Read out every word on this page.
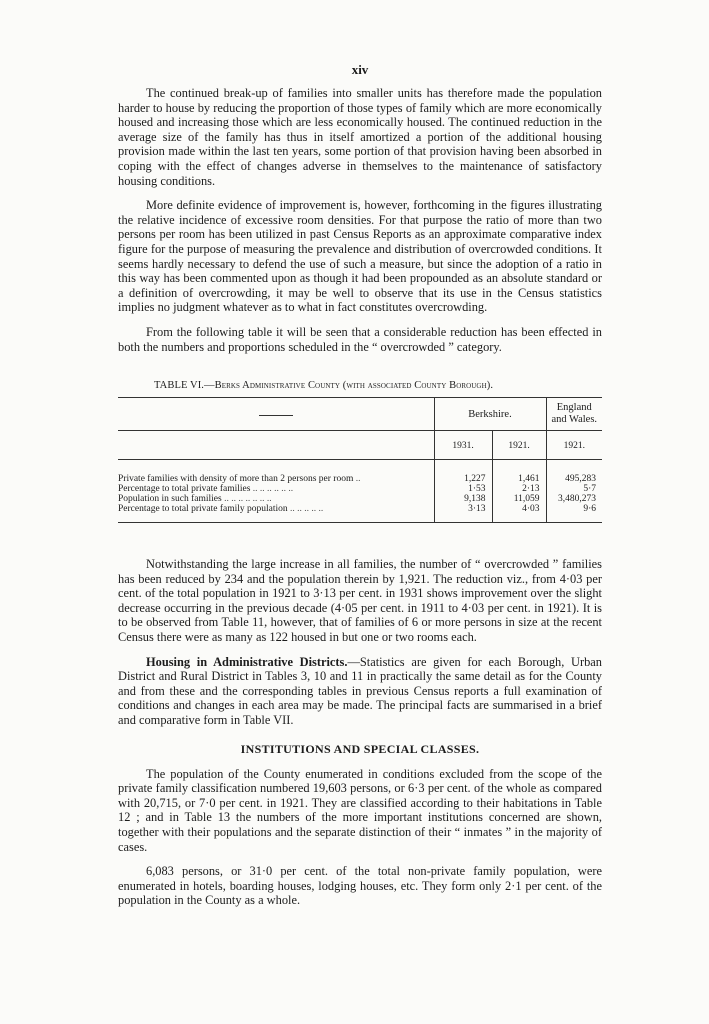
xiv

The continued break-up of families into smaller units has therefore made the population harder to house by reducing the proportion of those types of family which are more economically housed and increasing those which are less economically housed. The continued reduction in the average size of the family has thus in itself amortized a portion of the additional housing provision made within the last ten years, some portion of that provision having been absorbed in coping with the effect of changes adverse in themselves to the maintenance of satisfactory housing conditions.

More definite evidence of improvement is, however, forthcoming in the figures illustrating the relative incidence of excessive room densities. For that purpose the ratio of more than two persons per room has been utilized in past Census Reports as an approximate comparative index figure for the purpose of measuring the prevalence and distribution of overcrowded conditions. It seems hardly necessary to defend the use of such a measure, but since the adoption of a ratio in this way has been commented upon as though it had been propounded as an absolute standard or a definition of overcrowding, it may be well to observe that its use in the Census statistics implies no judgment whatever as to what in fact constitutes overcrowding.

From the following table it will be seen that a considerable reduction has been effected in both the numbers and proportions scheduled in the “ overcrowded ” category.

TABLE VI.—Berks Administrative County (with associated County Borough).
	Berkshire.		England and Wales.
	1931.	1921.	1921.
Private families with density of more than 2 persons per room ..	1,227	1,461	495,283
Percentage to total private families .. .. .. .. .. ..	1·53	2·13	5·7
Population in such families .. .. .. .. .. .. ..	9,138	11,059	3,480,273
Percentage to total private family population .. .. .. .. ..	3·13	4·03	9·6

Notwithstanding the large increase in all families, the number of “ overcrowded ” families has been reduced by 234 and the population therein by 1,921. The reduction viz., from 4·03 per cent. of the total population in 1921 to 3·13 per cent. in 1931 shows improvement over the slight decrease occurring in the previous decade (4·05 per cent. in 1911 to 4·03 per cent. in 1921). It is to be observed from Table 11, however, that of families of 6 or more persons in size at the recent Census there were as many as 122 housed in but one or two rooms each.

Housing in Administrative Districts.—Statistics are given for each Borough, Urban District and Rural District in Tables 3, 10 and 11 in practically the same detail as for the County and from these and the corresponding tables in previous Census reports a full examination of conditions and changes in each area may be made. The principal facts are summarised in a brief and comparative form in Table VII.

INSTITUTIONS AND SPECIAL CLASSES.

The population of the County enumerated in conditions excluded from the scope of the private family classification numbered 19,603 persons, or 6·3 per cent. of the whole as compared with 20,715, or 7·0 per cent. in 1921. They are classified according to their habitations in Table 12 ; and in Table 13 the numbers of the more important institutions concerned are shown, together with their populations and the separate distinction of their “ inmates ” in the majority of cases.

6,083 persons, or 31·0 per cent. of the total non-private family population, were enumerated in hotels, boarding houses, lodging houses, etc. They form only 2·1 per cent. of the population in the County as a whole.
